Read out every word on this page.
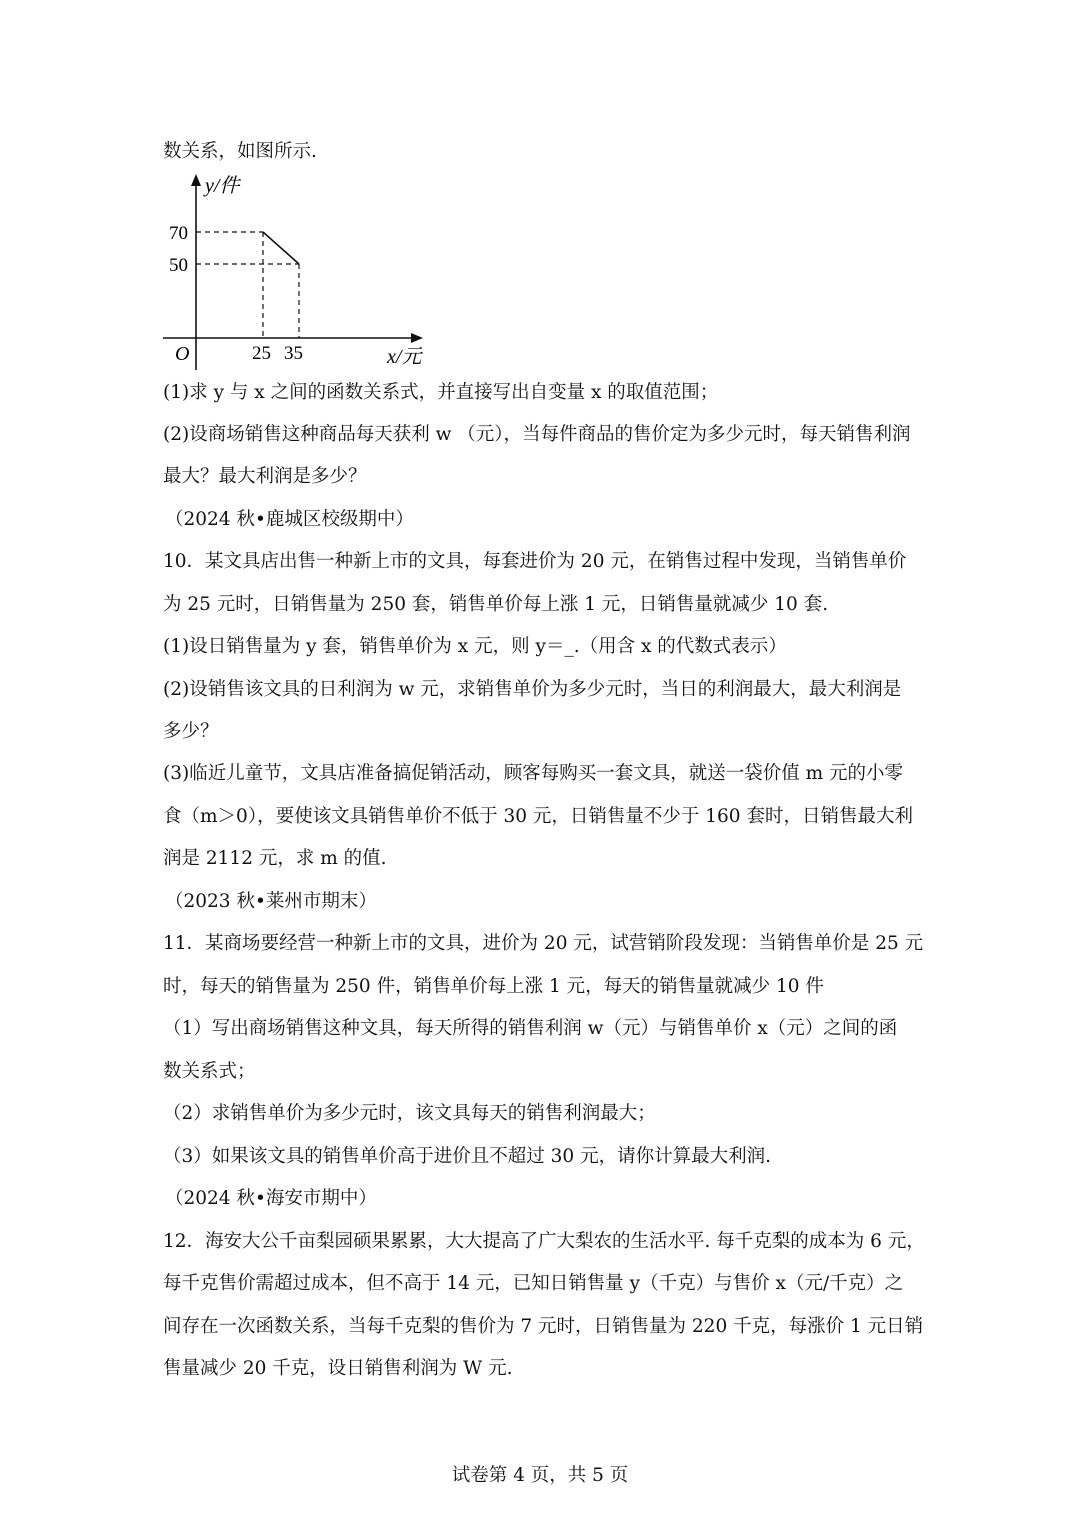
数关系，如图所示.
y/件
x/元
O
70
50
25 35
(1)求 y 与 x 之间的函数关系式，并直接写出自变量 x 的取值范围；
(2)设商场销售这种商品每天获利 w （元），当每件商品的售价定为多少元时，每天销售利润
最大？最大利润是多少？
（2024 秋•鹿城区校级期中）
10．某文具店出售一种新上市的文具，每套进价为 20 元，在销售过程中发现，当销售单价
为 25 元时，日销售量为 250 套，销售单价每上涨 1 元，日销售量就减少 10 套.
(1)设日销售量为 y 套，销售单价为 x 元，则 y＝_.（用含 x 的代数式表示）
(2)设销售该文具的日利润为 w 元，求销售单价为多少元时，当日的利润最大，最大利润是
多少？
(3)临近儿童节，文具店准备搞促销活动，顾客每购买一套文具，就送一袋价值 m 元的小零
食（m＞0），要使该文具销售单价不低于 30 元，日销售量不少于 160 套时，日销售最大利
润是 2112 元，求 m 的值.
（2023 秋•莱州市期末）
11．某商场要经营一种新上市的文具，进价为 20 元，试营销阶段发现：当销售单价是 25 元
时，每天的销售量为 250 件，销售单价每上涨 1 元，每天的销售量就减少 10 件
（1）写出商场销售这种文具，每天所得的销售利润 w（元）与销售单价 x（元）之间的函
数关系式；
（2）求销售单价为多少元时，该文具每天的销售利润最大；
（3）如果该文具的销售单价高于进价且不超过 30 元，请你计算最大利润.
（2024 秋•海安市期中）
12．海安大公千亩梨园硕果累累，大大提高了广大梨农的生活水平. 每千克梨的成本为 6 元，
每千克售价需超过成本，但不高于 14 元，已知日销售量 y（千克）与售价 x（元/千克）之
间存在一次函数关系，当每千克梨的售价为 7 元时，日销售量为 220 千克，每涨价 1 元日销
售量减少 20 千克，设日销售利润为 W 元.
试卷第 4 页，共 5 页
